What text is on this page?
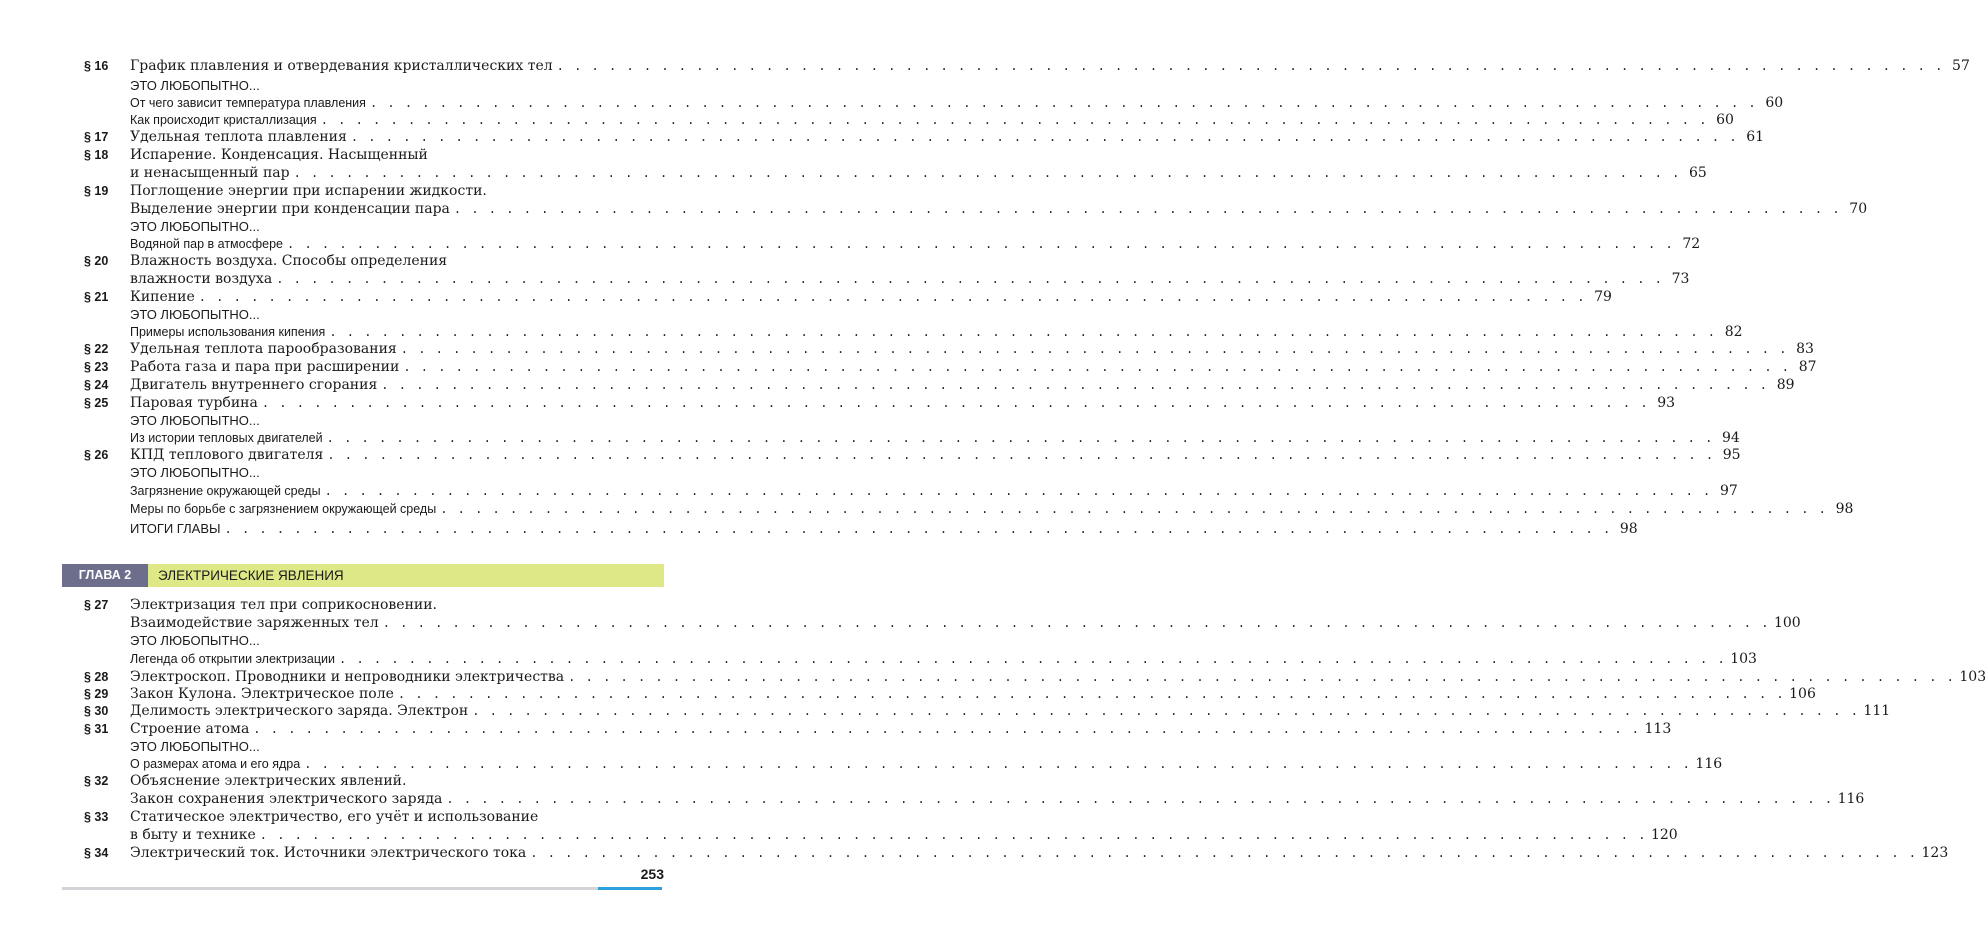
§ 16 График плавления и отвердевания кристаллических тел . . . . . . . . . . . . . . . . . . . . . . . . . . . . . . . . . . . . . . . . . . . . . . . . . . . . . . . . . . . . . . . . . . . . . . . . . . . . . . . . 57
ЭТО ЛЮБОПЫТНО...
От чего зависит температура плавления . . . . . . . . . . . . . . . . . . . . . . . . . . . . . . . . . . . . . . . . . . . . . . . . . . . . . . . . . . . . . . . . . . . . . . . . . . . . . . . . 60
Как происходит кристаллизация . . . . . . . . . . . . . . . . . . . . . . . . . . . . . . . . . . . . . . . . . . . . . . . . . . . . . . . . . . . . . . . . . . . . . . . . . . . . . . . . 60
§ 17 Удельная теплота плавления . . . . . . . . . . . . . . . . . . . . . . . . . . . . . . . . . . . . . . . . . . . . . . . . . . . . . . . . . . . . . . . . . . . . . . . . . . . . . . . . 61
§ 18 Испарение. Конденсация. Насыщенный
и ненасыщенный пар . . . . . . . . . . . . . . . . . . . . . . . . . . . . . . . . . . . . . . . . . . . . . . . . . . . . . . . . . . . . . . . . . . . . . . . . . . . . . . . . 65
§ 19 Поглощение энергии при испарении жидкости.
Выделение энергии при конденсации пара . . . . . . . . . . . . . . . . . . . . . . . . . . . . . . . . . . . . . . . . . . . . . . . . . . . . . . . . . . . . . . . . . . . . . . . . . . . . . . . . 70
ЭТО ЛЮБОПЫТНО...
Водяной пар в атмосфере . . . . . . . . . . . . . . . . . . . . . . . . . . . . . . . . . . . . . . . . . . . . . . . . . . . . . . . . . . . . . . . . . . . . . . . . . . . . . . . . 72
§ 20 Влажность воздуха. Способы определения
влажности воздуха . . . . . . . . . . . . . . . . . . . . . . . . . . . . . . . . . . . . . . . . . . . . . . . . . . . . . . . . . . . . . . . . . . . . . . . . . . . . . . . . 73
§ 21 Кипение . . . . . . . . . . . . . . . . . . . . . . . . . . . . . . . . . . . . . . . . . . . . . . . . . . . . . . . . . . . . . . . . . . . . . . . . . . . . . . . . 79
ЭТО ЛЮБОПЫТНО...
Примеры использования кипения . . . . . . . . . . . . . . . . . . . . . . . . . . . . . . . . . . . . . . . . . . . . . . . . . . . . . . . . . . . . . . . . . . . . . . . . . . . . . . . . 82
§ 22 Удельная теплота парообразования . . . . . . . . . . . . . . . . . . . . . . . . . . . . . . . . . . . . . . . . . . . . . . . . . . . . . . . . . . . . . . . . . . . . . . . . . . . . . . . . 83
§ 23 Работа газа и пара при расширении . . . . . . . . . . . . . . . . . . . . . . . . . . . . . . . . . . . . . . . . . . . . . . . . . . . . . . . . . . . . . . . . . . . . . . . . . . . . . . . . 87
§ 24 Двигатель внутреннего сгорания . . . . . . . . . . . . . . . . . . . . . . . . . . . . . . . . . . . . . . . . . . . . . . . . . . . . . . . . . . . . . . . . . . . . . . . . . . . . . . . . 89
§ 25 Паровая турбина . . . . . . . . . . . . . . . . . . . . . . . . . . . . . . . . . . . . . . . . . . . . . . . . . . . . . . . . . . . . . . . . . . . . . . . . . . . . . . . . 93
ЭТО ЛЮБОПЫТНО...
Из истории тепловых двигателей . . . . . . . . . . . . . . . . . . . . . . . . . . . . . . . . . . . . . . . . . . . . . . . . . . . . . . . . . . . . . . . . . . . . . . . . . . . . . . . . 94
§ 26 КПД теплового двигателя . . . . . . . . . . . . . . . . . . . . . . . . . . . . . . . . . . . . . . . . . . . . . . . . . . . . . . . . . . . . . . . . . . . . . . . . . . . . . . . . 95
ЭТО ЛЮБОПЫТНО...
Загрязнение окружающей среды . . . . . . . . . . . . . . . . . . . . . . . . . . . . . . . . . . . . . . . . . . . . . . . . . . . . . . . . . . . . . . . . . . . . . . . . . . . . . . . . 97
Меры по борьбе с загрязнением окружающей среды . . . . . . . . . . . . . . . . . . . . . . . . . . . . . . . . . . . . . . . . . . . . . . . . . . . . . . . . . . . . . . . . . . . . . . . . . . . . . . . . 98
ИТОГИ ГЛАВЫ . . . . . . . . . . . . . . . . . . . . . . . . . . . . . . . . . . . . . . . . . . . . . . . . . . . . . . . . . . . . . . . . . . . . . . . . . . . . . . . . 98
§ 27 Электризация тел при соприкосновении.
Взаимодействие заряженных тел . . . . . . . . . . . . . . . . . . . . . . . . . . . . . . . . . . . . . . . . . . . . . . . . . . . . . . . . . . . . . . . . . . . . . . . . . . . . . . . . 100
ЭТО ЛЮБОПЫТНО...
Легенда об открытии электризации . . . . . . . . . . . . . . . . . . . . . . . . . . . . . . . . . . . . . . . . . . . . . . . . . . . . . . . . . . . . . . . . . . . . . . . . . . . . . . . . 103
§ 28 Электроскоп. Проводники и непроводники электричества . . . . . . . . . . . . . . . . . . . . . . . . . . . . . . . . . . . . . . . . . . . . . . . . . . . . . . . . . . . . . . . . . . . . . . . . . . . . . . . . 103
§ 29 Закон Кулона. Электрическое поле . . . . . . . . . . . . . . . . . . . . . . . . . . . . . . . . . . . . . . . . . . . . . . . . . . . . . . . . . . . . . . . . . . . . . . . . . . . . . . . . 106
§ 30 Делимость электрического заряда. Электрон . . . . . . . . . . . . . . . . . . . . . . . . . . . . . . . . . . . . . . . . . . . . . . . . . . . . . . . . . . . . . . . . . . . . . . . . . . . . . . . . 111
§ 31 Строение атома . . . . . . . . . . . . . . . . . . . . . . . . . . . . . . . . . . . . . . . . . . . . . . . . . . . . . . . . . . . . . . . . . . . . . . . . . . . . . . . . 113
ЭТО ЛЮБОПЫТНО...
О размерах атома и его ядра . . . . . . . . . . . . . . . . . . . . . . . . . . . . . . . . . . . . . . . . . . . . . . . . . . . . . . . . . . . . . . . . . . . . . . . . . . . . . . . . 116
§ 32 Объяснение электрических явлений.
Закон сохранения электрического заряда . . . . . . . . . . . . . . . . . . . . . . . . . . . . . . . . . . . . . . . . . . . . . . . . . . . . . . . . . . . . . . . . . . . . . . . . . . . . . . . . 116
§ 33 Статическое электричество, его учёт и использование
в быту и технике . . . . . . . . . . . . . . . . . . . . . . . . . . . . . . . . . . . . . . . . . . . . . . . . . . . . . . . . . . . . . . . . . . . . . . . . . . . . . . . . 120
§ 34 Электрический ток. Источники электрического тока . . . . . . . . . . . . . . . . . . . . . . . . . . . . . . . . . . . . . . . . . . . . . . . . . . . . . . . . . . . . . . . . . . . . . . . . . . . . . . . . 123
ГЛАВА 2	ЭЛЕКТРИЧЕСКИЕ ЯВЛЕНИЯ
253
